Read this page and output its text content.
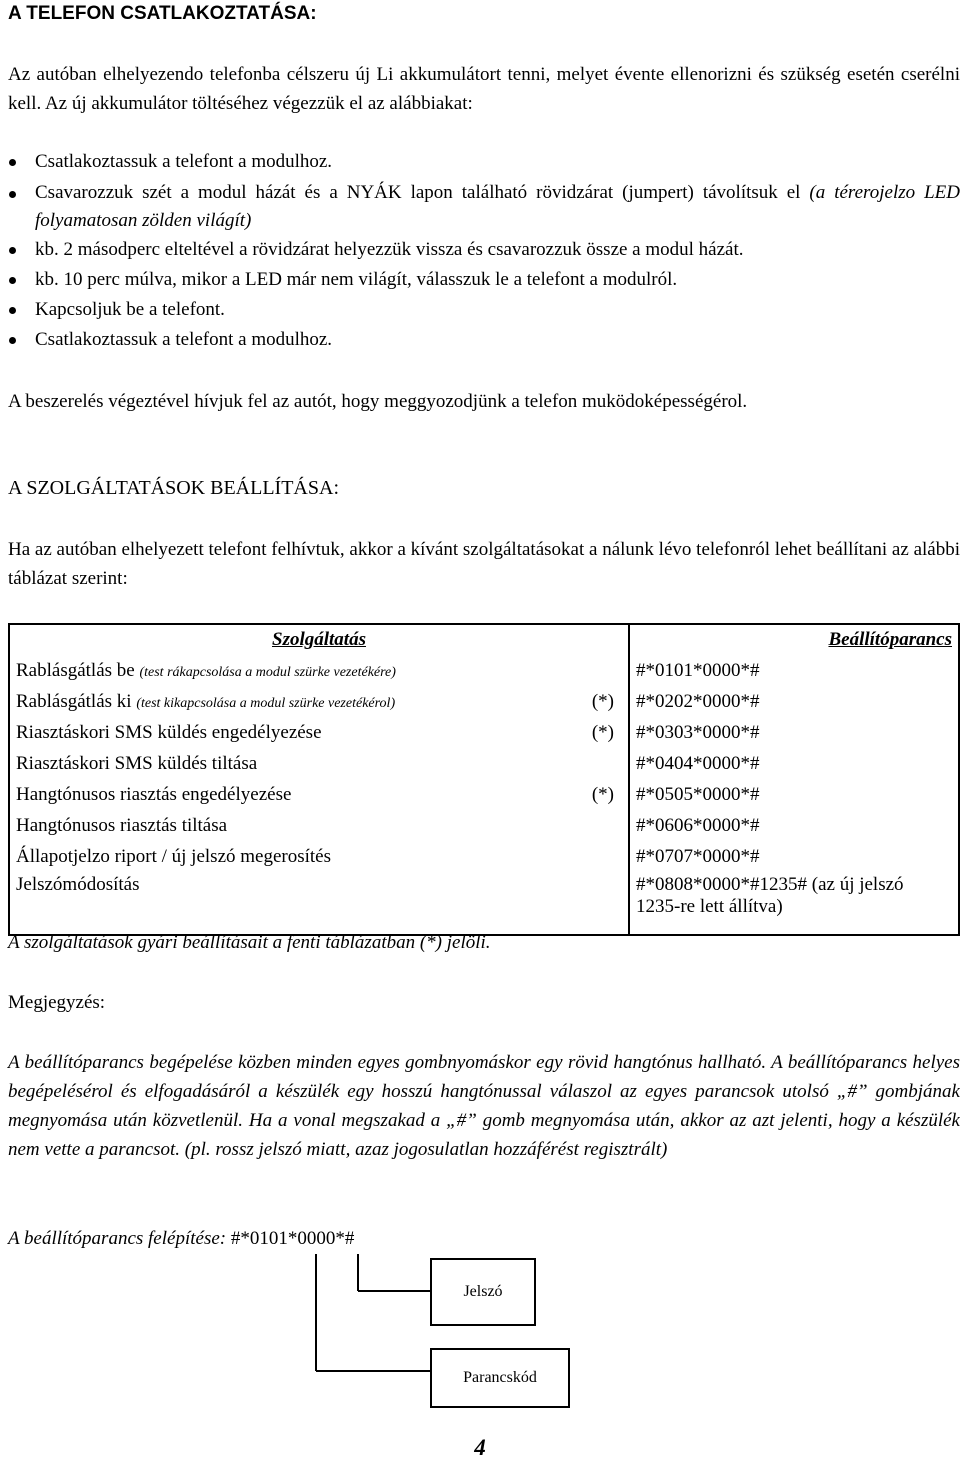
A TELEFON CSATLAKOZTATÁSA:
Az autóban elhelyezendo telefonba célszeru új Li akkumulátort tenni, melyet évente ellenorizni és szükség esetén cserélni kell. Az új akkumulátor töltéséhez végezzük el az alábbiakat:
Csatlakoztassuk a telefont a modulhoz.
Csavarozzuk szét a modul házát és a NYÁK lapon található rövidzárat (jumpert) távolítsuk el (a térerojelzo LED folyamatosan zölden világít)
kb. 2 másodperc elteltével a rövidzárat helyezzük vissza és csavarozzuk össze a modul házát.
kb. 10 perc múlva, mikor a LED már nem világít, válasszuk le a telefont a modulról.
Kapcsoljuk be a telefont.
Csatlakoztassuk a telefont a modulhoz.
A beszerelés végeztével hívjuk fel az autót, hogy meggyozodjünk a telefon muködoképességérol.
A SZOLGÁLTATÁSOK BEÁLLÍTÁSA:
Ha az autóban elhelyezett telefont felhívtuk, akkor a kívánt szolgáltatásokat a nálunk lévo telefonról lehet beállítani az alábbi táblázat szerint:
Szolgáltatás	Beállítóparancs
Rablásgátlás be (test rákapcsolása a modul szürke vezetékére)	#*0101*0000*#
Rablásgátlás ki (test kikapcsolása a modul szürke vezetékérol) (*)	#*0202*0000*#
Riasztáskori SMS küldés engedélyezése (*)	#*0303*0000*#
Riasztáskori SMS küldés tiltása	#*0404*0000*#
Hangtónusos riasztás engedélyezése (*)	#*0505*0000*#
Hangtónusos riasztás tiltása	#*0606*0000*#
Állapotjelzo riport / új jelszó megerosítés	#*0707*0000*#
Jelszómódosítás	#*0808*0000*#1235# (az új jelszó 1235-re lett állítva)
A szolgáltatások gyári beállításait a fenti táblázatban (*) jelöli.
Megjegyzés:
A beállítóparancs begépelése közben minden egyes gombnyomáskor egy rövid hangtónus hallható. A beállítóparancs helyes begépelésérol és elfogadásáról a készülék egy hosszú hangtónussal válaszol az egyes parancsok utolsó „#” gombjának megnyomása után közvetlenül. Ha a vonal megszakad a „#” gomb megnyomása után, akkor az azt jelenti, hogy a készülék nem vette a parancsot. (pl. rossz jelszó miatt, azaz jogosulatlan hozzáférést regisztrált)
A beállítóparancs felépítése: #*0101*0000*#
Jelszó
Parancskód
4
